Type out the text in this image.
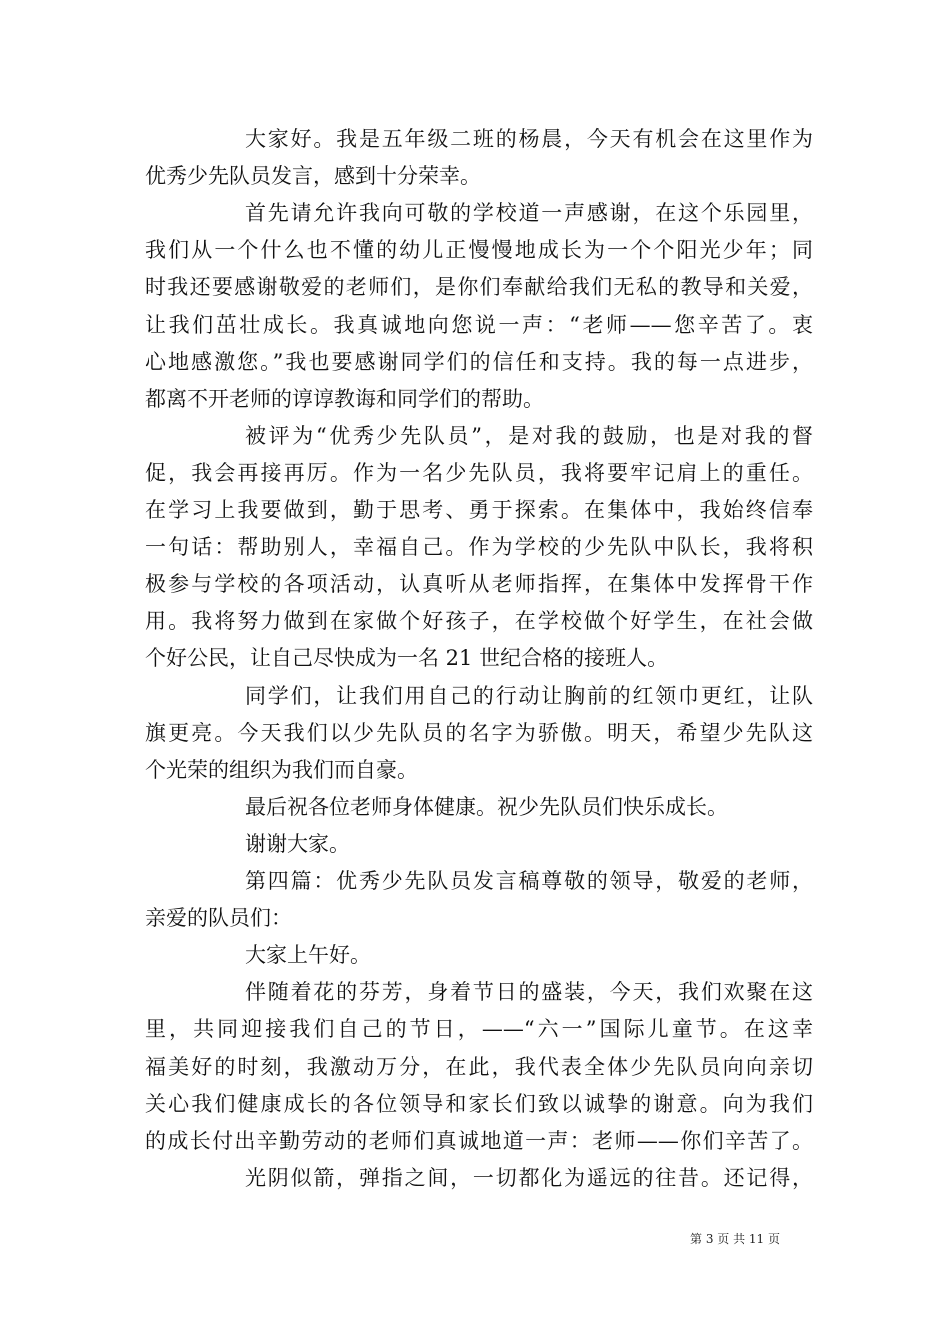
大家好。我是五年级二班的杨晨，今天有机会在这里作为
优秀少先队员发言，感到十分荣幸。
首先请允许我向可敬的学校道一声感谢，在这个乐园里，
我们从一个什么也不懂的幼儿正慢慢地成长为一个个阳光少年；同
时我还要感谢敬爱的老师们，是你们奉献给我们无私的教导和关爱，
让我们茁壮成长。我真诚地向您说一声：“老师——您辛苦了。衷
心地感激您。”我也要感谢同学们的信任和支持。我的每一点进步，
都离不开老师的谆谆教诲和同学们的帮助。
被评为“优秀少先队员”，是对我的鼓励，也是对我的督
促，我会再接再厉。作为一名少先队员，我将要牢记肩上的重任。
在学习上我要做到，勤于思考、勇于探索。在集体中，我始终信奉
一句话：帮助别人，幸福自己。作为学校的少先队中队长，我将积
极参与学校的各项活动，认真听从老师指挥，在集体中发挥骨干作
用。我将努力做到在家做个好孩子，在学校做个好学生，在社会做
个好公民，让自己尽快成为一名 21 世纪合格的接班人。
同学们，让我们用自己的行动让胸前的红领巾更红，让队
旗更亮。今天我们以少先队员的名字为骄傲。明天，希望少先队这
个光荣的组织为我们而自豪。
最后祝各位老师身体健康。祝少先队员们快乐成长。
谢谢大家。
第四篇：优秀少先队员发言稿尊敬的领导，敬爱的老师，
亲爱的队员们：
大家上午好。
伴随着花的芬芳，身着节日的盛装，今天，我们欢聚在这
里，共同迎接我们自己的节日，——“六一”国际儿童节。在这幸
福美好的时刻，我激动万分，在此，我代表全体少先队员向向亲切
关心我们健康成长的各位领导和家长们致以诚挚的谢意。向为我们
的成长付出辛勤劳动的老师们真诚地道一声：老师——你们辛苦了。
光阴似箭，弹指之间，一切都化为遥远的往昔。还记得，
第 3 页 共 11 页
